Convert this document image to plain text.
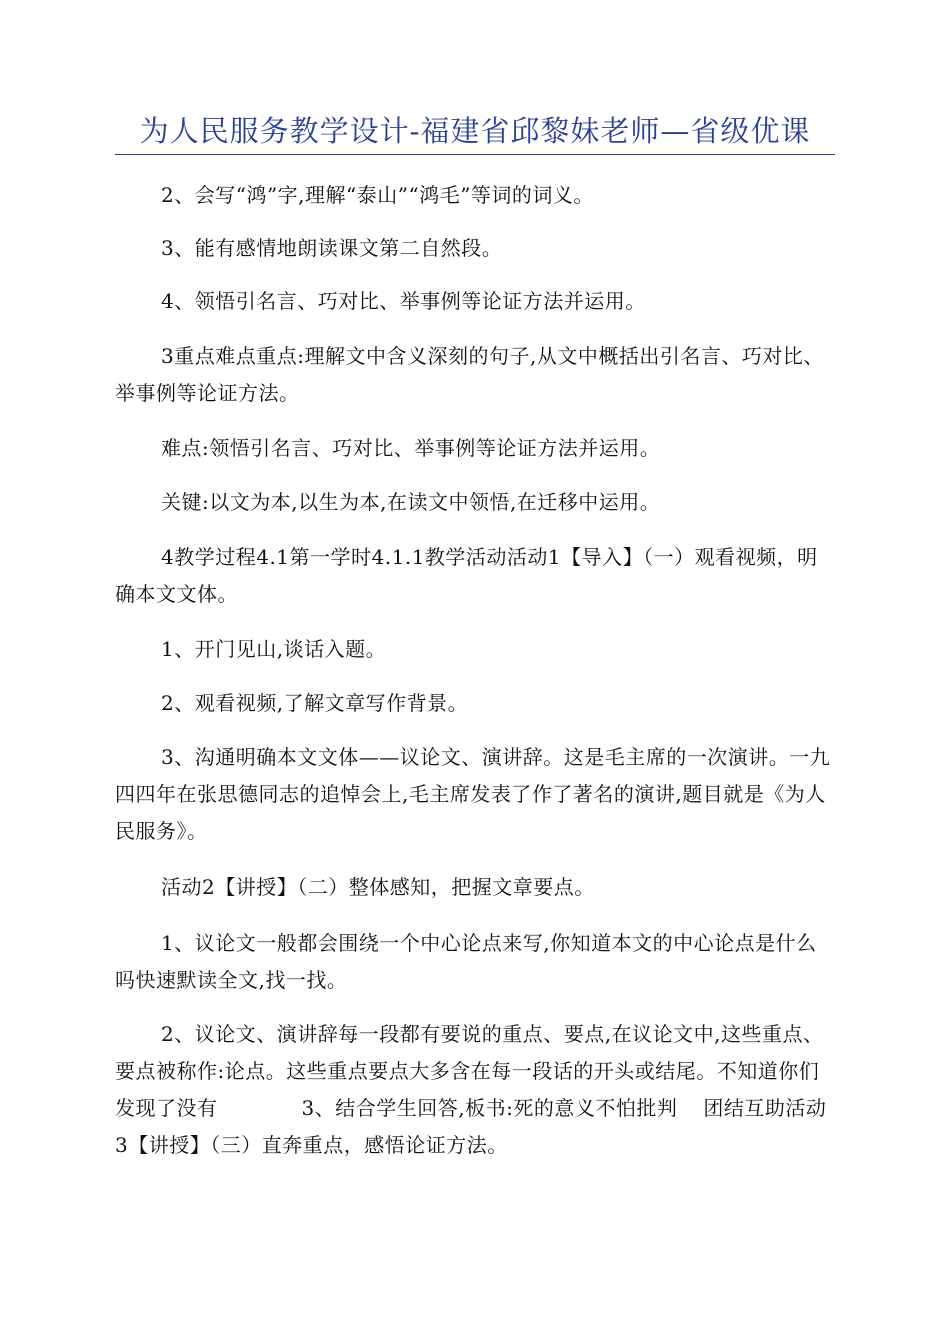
为人民服务教学设计-福建省邱黎妹老师—省级优课

2、会写“鸿”字,理解“泰山”“鸿毛”等词的词义。

3、能有感情地朗读课文第二自然段。

4、领悟引名言、巧对比、举事例等论证方法并运用。

3重点难点重点:理解文中含义深刻的句子,从文中概括出引名言、巧对比、举事例等论证方法。

难点:领悟引名言、巧对比、举事例等论证方法并运用。

关键:以文为本,以生为本,在读文中领悟,在迁移中运用。

4教学过程4.1第一学时4.1.1教学活动活动1【导入】（一）观看视频，明确本文文体。

1、开门见山,谈话入题。

2、观看视频,了解文章写作背景。

3、沟通明确本文文体——议论文、演讲辞。这是毛主席的一次演讲。一九四四年在张思德同志的追悼会上,毛主席发表了作了著名的演讲,题目就是《为人民服务》。

活动2【讲授】（二）整体感知，把握文章要点。

1、议论文一般都会围绕一个中心论点来写,你知道本文的中心论点是什么吗快速默读全文,找一找。

2、议论文、演讲辞每一段都有要说的重点、要点,在议论文中,这些重点、要点被称作:论点。这些重点要点大多含在每一段话的开头或结尾。不知道你们发现了没有	3、结合学生回答,板书:死的意义不怕批判 团结互助活动3【讲授】（三）直奔重点，感悟论证方法。
